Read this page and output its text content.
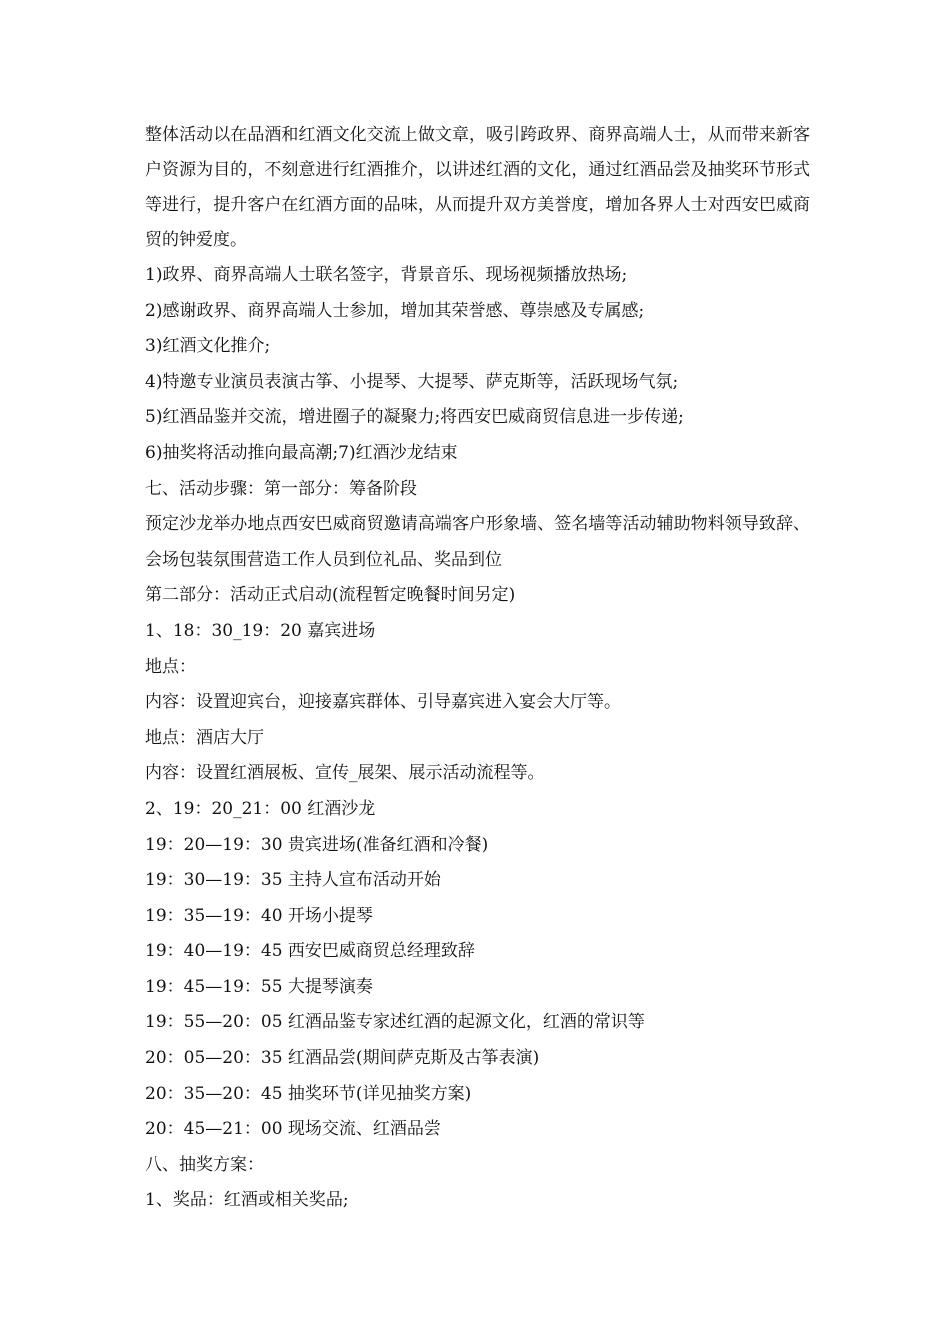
整体活动以在品酒和红酒文化交流上做文章，吸引跨政界、商界高端人士，从而带来新客户资源为目的，不刻意进行红酒推介，以讲述红酒的文化，通过红酒品尝及抽奖环节形式等进行，提升客户在红酒方面的品味，从而提升双方美誉度，增加各界人士对西安巴威商贸的钟爱度。

1)政界、商界高端人士联名签字，背景音乐、现场视频播放热场;

2)感谢政界、商界高端人士参加，增加其荣誉感、尊崇感及专属感;

3)红酒文化推介;

4)特邀专业演员表演古筝、小提琴、大提琴、萨克斯等，活跃现场气氛;

5)红酒品鉴并交流，增进圈子的凝聚力;将西安巴威商贸信息进一步传递;

6)抽奖将活动推向最高潮;7)红酒沙龙结束

七、活动步骤：第一部分：筹备阶段

预定沙龙举办地点西安巴威商贸邀请高端客户形象墙、签名墙等活动辅助物料领导致辞、会场包装氛围营造工作人员到位礼品、奖品到位

第二部分：活动正式启动(流程暂定晚餐时间另定)

1、18：30_19：20 嘉宾进场

地点：

内容：设置迎宾台，迎接嘉宾群体、引导嘉宾进入宴会大厅等。

地点：酒店大厅

内容：设置红酒展板、宣传_展架、展示活动流程等。

2、19：20_21：00 红酒沙龙

19：20—19：30 贵宾进场(准备红酒和冷餐)

19：30—19：35 主持人宣布活动开始

19：35—19：40 开场小提琴

19：40—19：45 西安巴威商贸总经理致辞

19：45—19：55 大提琴演奏

19：55—20：05 红酒品鉴专家述红酒的起源文化，红酒的常识等

20：05—20：35 红酒品尝(期间萨克斯及古筝表演)

20：35—20：45 抽奖环节(详见抽奖方案)

20：45—21：00 现场交流、红酒品尝

八、抽奖方案：

1、奖品：红酒或相关奖品;
